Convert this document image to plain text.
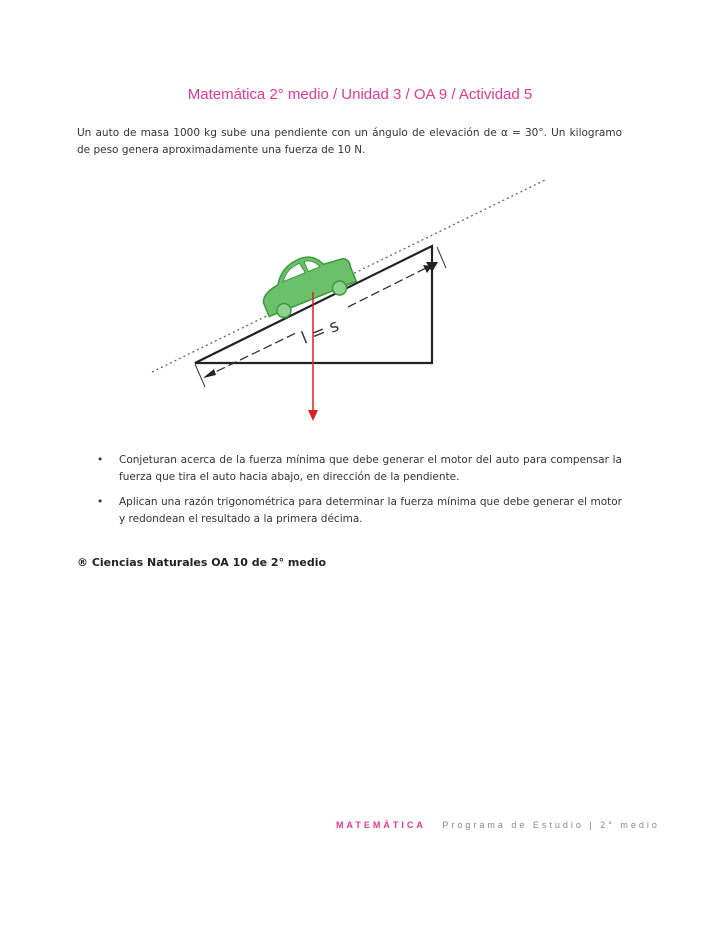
Matemática 2° medio / Unidad 3 / OA 9 / Actividad 5
Un auto de masa 1000 kg sube una pendiente con un ángulo de elevación de α = 30°. Un kilogramo de peso genera aproximadamente una fuerza de 10 N.
l = s
• Conjeturan acerca de la fuerza mínima que debe generar el motor del auto para compensar la fuerza que tira el auto hacia abajo, en dirección de la pendiente.
• Aplican una razón trigonométrica para determinar la fuerza mínima que debe generar el motor y redondean el resultado a la primera décima.
® Ciencias Naturales OA 10 de 2° medio
MATEMÁTICA Programa de Estudio | 2° medio
